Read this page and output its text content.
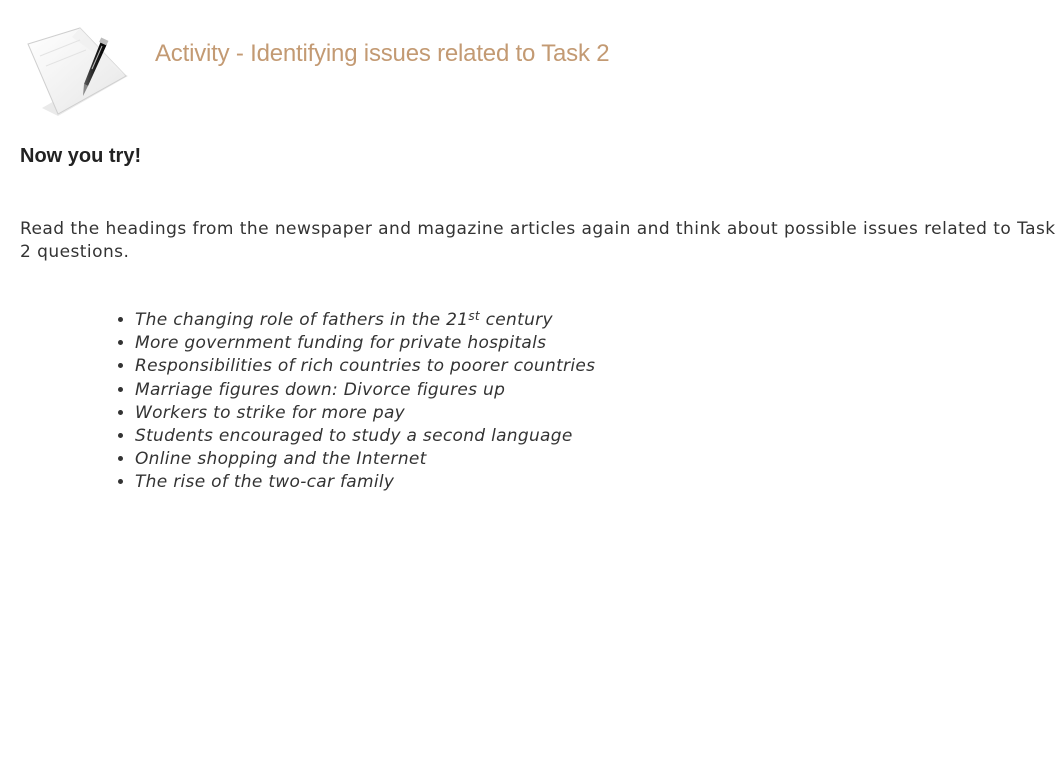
Activity - Identifying issues related to Task 2
Now you try!

Read the headings from the newspaper and magazine articles again and think about possible issues related to Task 2 questions.

• The changing role of fathers in the 21st century
• More government funding for private hospitals
• Responsibilities of rich countries to poorer countries
• Marriage figures down: Divorce figures up
• Workers to strike for more pay
• Students encouraged to study a second language
• Online shopping and the Internet
• The rise of the two-car family
